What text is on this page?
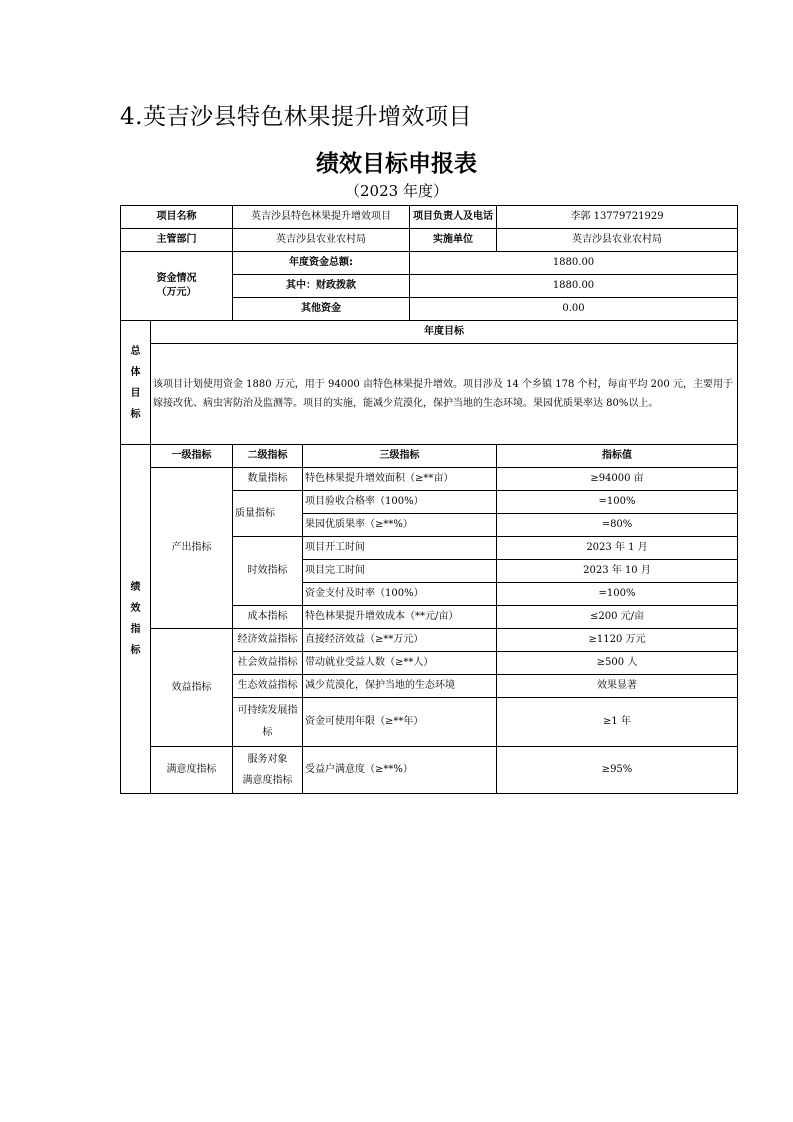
4.英吉沙县特色林果提升增效项目
绩效目标申报表
（2023 年度）
项目名称		英吉沙县特色林果提升增效项目		项目负责人及电话	李郭 13779721929
主管部门		英吉沙县农业农村局		实施单位	英吉沙县农业农村局
资金情况
（万元）		年度资金总额:		1880.00	
		其中：财政拨款		1880.00	
		其他资金		0.00	
总
体
目
标	年度目标				
	该项目计划使用资金 1880 万元，用于 94000 亩特色林果提升增效。项目涉及 14 个乡镇 178 个村，每亩平均 200 元，主要用于嫁接改优、病虫害防治及监测等。项目的实施，能减少荒漠化，保护当地的生态环境。果园优质果率达 80%以上。				
绩
效
指
标	一级指标	二级指标	三级指标		指标值
	产出指标	数量指标	特色林果提升增效面积（≥**亩）		≥94000 亩
		质量指标	项目验收合格率（100%）		=100%
			果园优质果率（≥**%）		=80%
		时效指标	项目开工时间		2023 年 1 月
			项目完工时间		2023 年 10 月
			资金支付及时率（100%）		=100%
		成本指标	特色林果提升增效成本（**元/亩）		≤200 元/亩
	效益指标	经济效益指标	直接经济效益（≥**万元）		≥1120 万元
		社会效益指标	带动就业受益人数（≥**人）		≥500 人
		生态效益指标	减少荒漠化，保护当地的生态环境		效果显著
		可持续发展指
标	资金可使用年限（≥**年）		≥1 年
	满意度指标	服务对象
满意度指标	受益户满意度（≥**%）		≥95%
